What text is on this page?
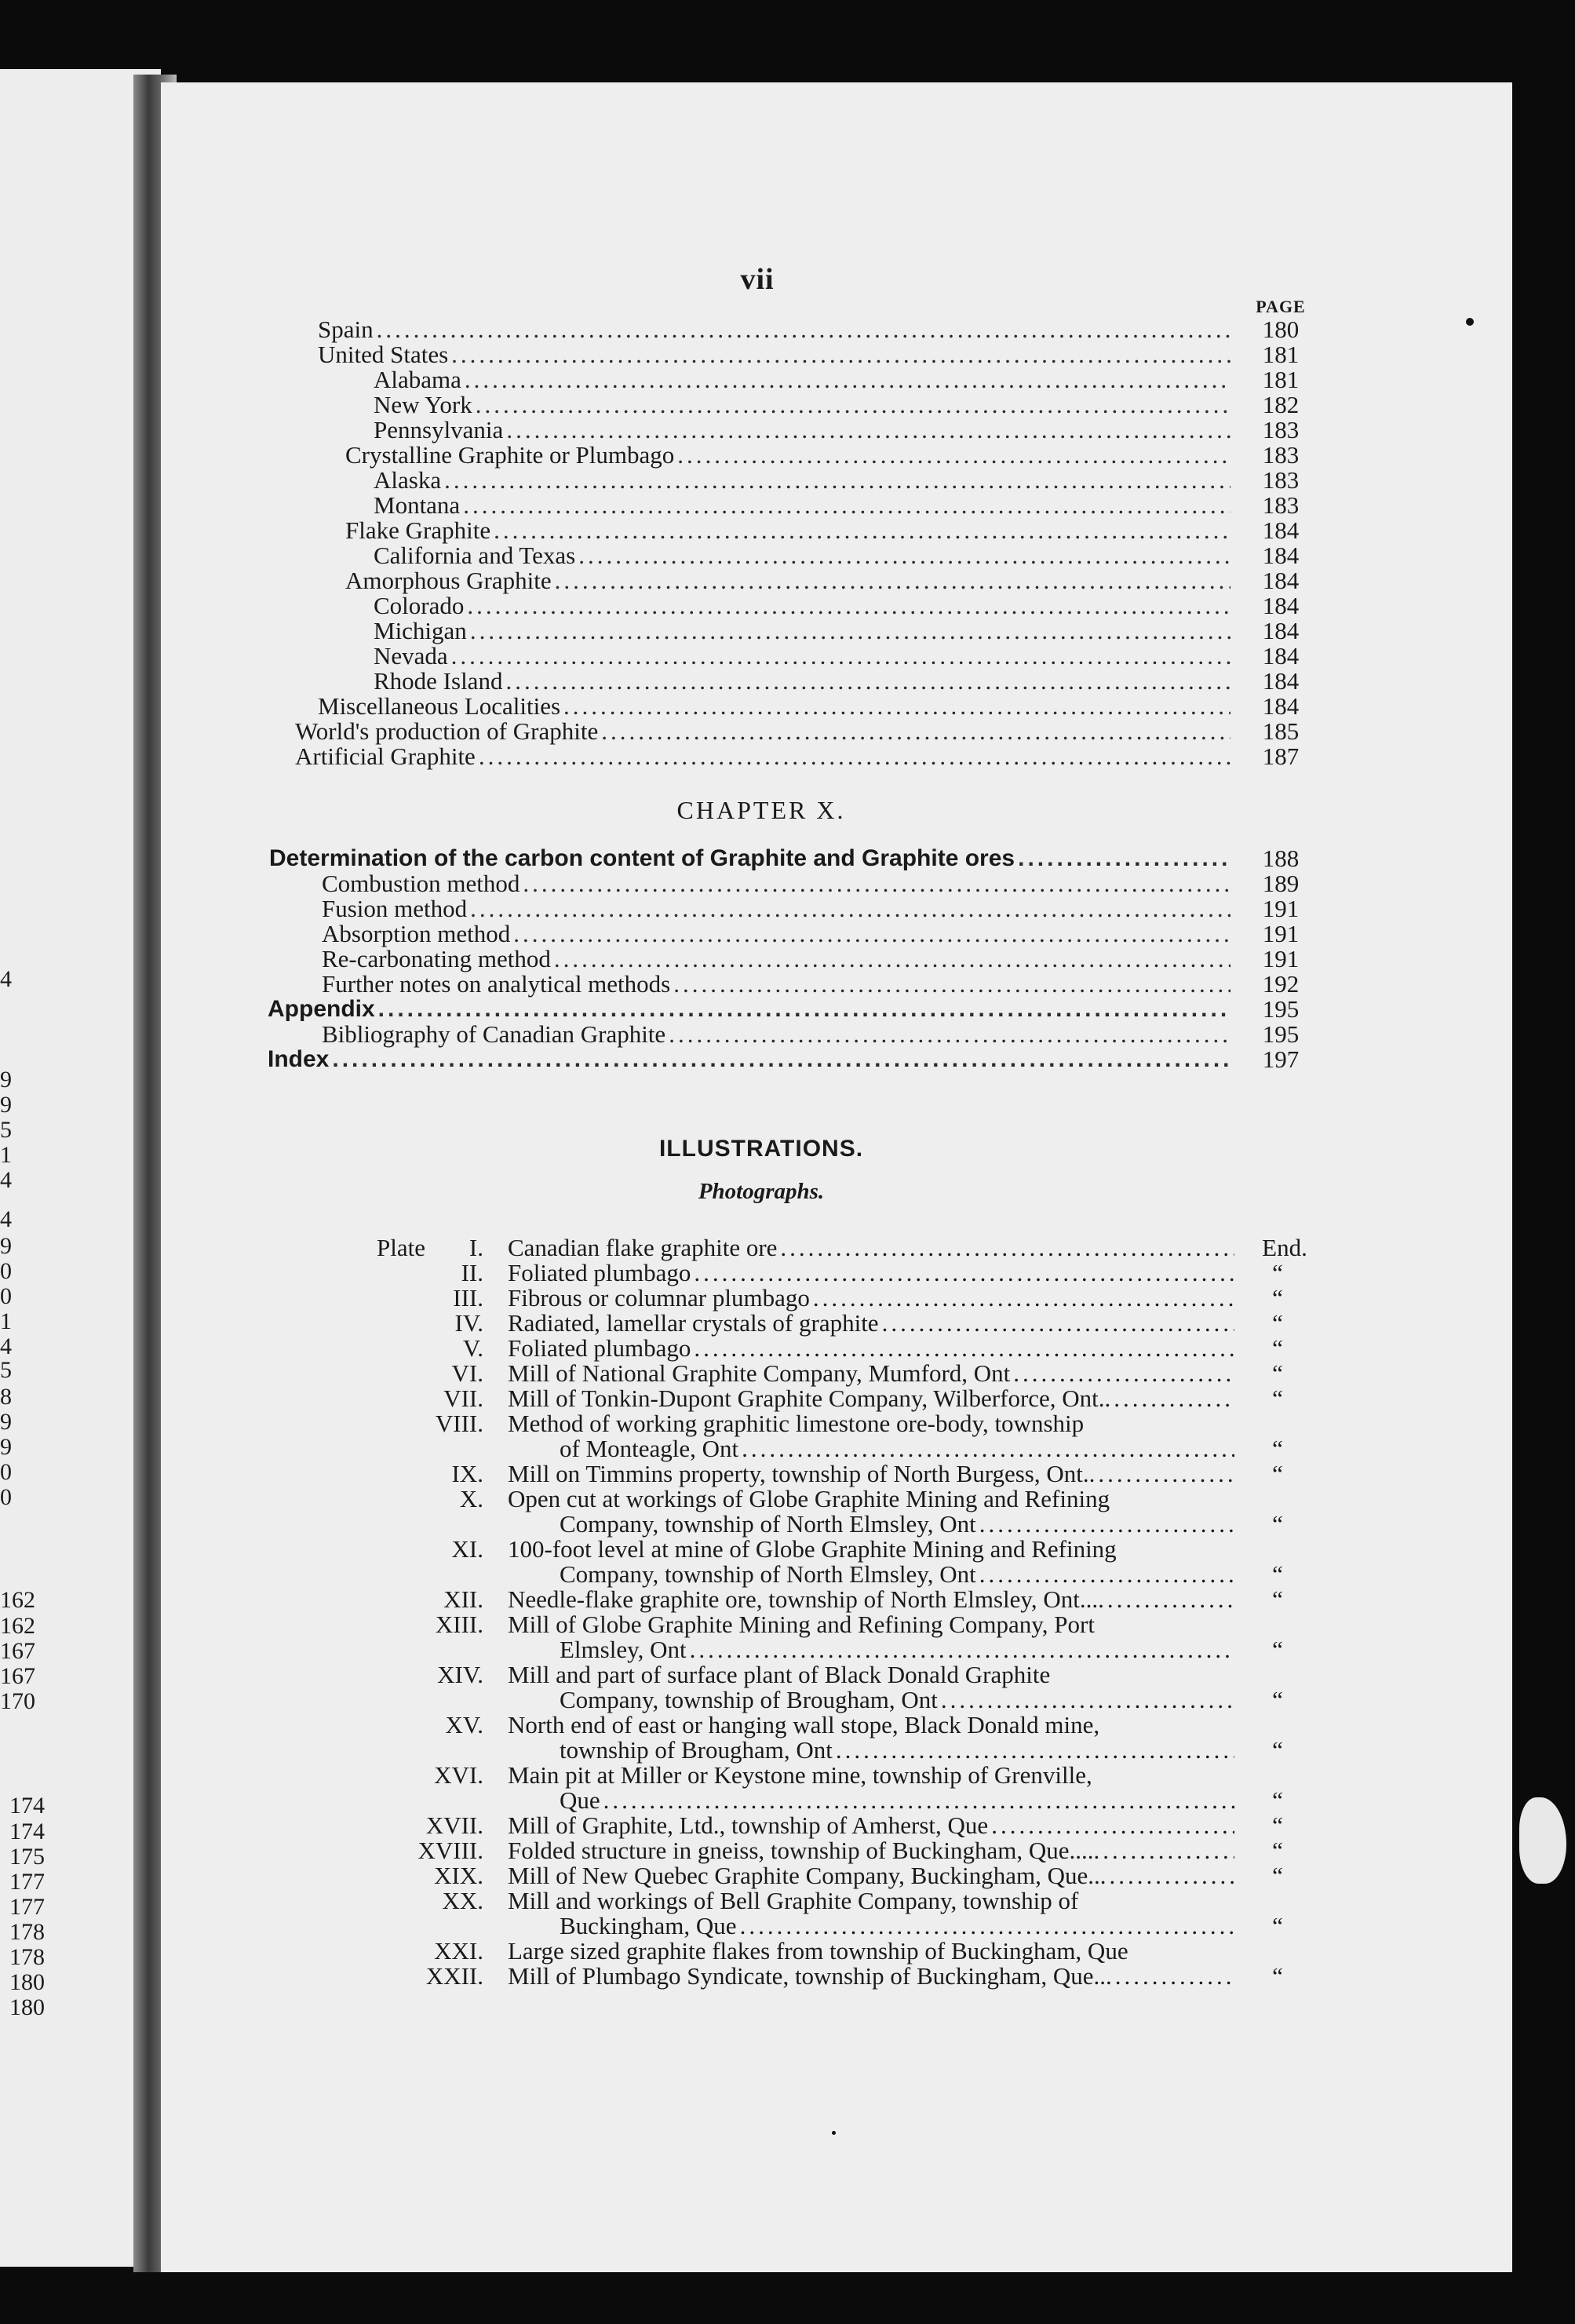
4
9
9
5
1
4
4
9
0
0
1
4
5
8
9
9
0
0
162
162
167
167
170
174
174
175
177
177
178
178
180
180
vii
PAGE
Spain .....	180
United States .....	181
Alabama .....	181
New York .....	182
Pennsylvania .....	183
Crystalline Graphite or Plumbago .....	183
Alaska .....	183
Montana .....	183
Flake Graphite .....	184
California and Texas .....	184
Amorphous Graphite .....	184
Colorado .....	184
Michigan .....	184
Nevada .....	184
Rhode Island .....	184
Miscellaneous Localities .....	184
World's production of Graphite .....	185
Artificial Graphite .....	187
CHAPTER X.
Determination of the carbon content of Graphite and Graphite ores .....	188
Combustion method .....	189
Fusion method .....	191
Absorption method .....	191
Re-carbonating method .....	191
Further notes on analytical methods .....	192
Appendix .....	195
Bibliography of Canadian Graphite .....	195
Index .....	197
ILLUSTRATIONS.
Photographs.
Plate	I. Canadian flake graphite ore .....	End.
II. Foliated plumbago .....	“
III. Fibrous or columnar plumbago .....	“
IV. Radiated, lamellar crystals of graphite .....	“
V. Foliated plumbago .....	“
VI. Mill of National Graphite Company, Mumford, Ont .....	“
VII. Mill of Tonkin-Dupont Graphite Company, Wilberforce, Ont.. .....	“
VIII. Method of working graphitic limestone ore-body, township
of Monteagle, Ont .....	“
IX. Mill on Timmins property, township of North Burgess, Ont.. .....	“
X. Open cut at workings of Globe Graphite Mining and Refining
Company, township of North Elmsley, Ont .....	“
XI. 100-foot level at mine of Globe Graphite Mining and Refining
Company, township of North Elmsley, Ont .....	“
XII. Needle-flake graphite ore, township of North Elmsley, Ont.... .....	“
XIII. Mill of Globe Graphite Mining and Refining Company, Port
Elmsley, Ont .....	“
XIV. Mill and part of surface plant of Black Donald Graphite
Company, township of Brougham, Ont .....	“
XV. North end of east or hanging wall stope, Black Donald mine,
township of Brougham, Ont .....	“
XVI. Main pit at Miller or Keystone mine, township of Grenville,
Que .....	“
XVII. Mill of Graphite, Ltd., township of Amherst, Que .....	“
XVIII. Folded structure in gneiss, township of Buckingham, Que..... .....	“
XIX. Mill of New Quebec Graphite Company, Buckingham, Que... .....	“
XX. Mill and workings of Bell Graphite Company, township of
Buckingham, Que .....	“
XXI. Large sized graphite flakes from township of Buckingham, Que
XXII. Mill of Plumbago Syndicate, township of Buckingham, Que... .....	“
